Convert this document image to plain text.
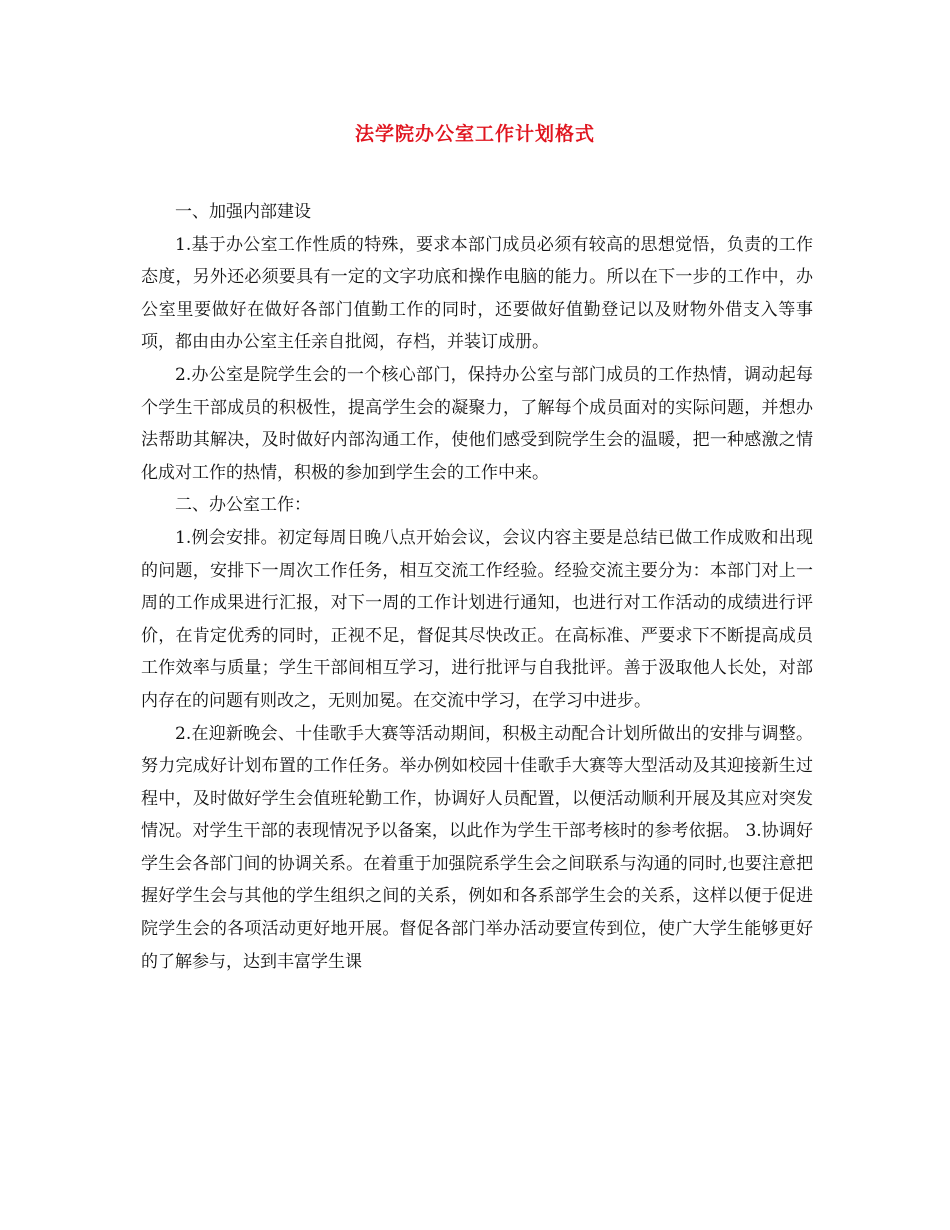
法学院办公室工作计划格式

一、加强内部建设

1.基于办公室工作性质的特殊，要求本部门成员必须有较高的思想觉悟，负责的工作态度，另外还必须要具有一定的文字功底和操作电脑的能力。所以在下一步的工作中，办公室里要做好在做好各部门值勤工作的同时，还要做好值勤登记以及财物外借支入等事项，都由由办公室主任亲自批阅，存档，并装订成册。

2.办公室是院学生会的一个核心部门，保持办公室与部门成员的工作热情，调动起每个学生干部成员的积极性，提高学生会的凝聚力，了解每个成员面对的实际问题，并想办法帮助其解决，及时做好内部沟通工作，使他们感受到院学生会的温暖，把一种感激之情化成对工作的热情，积极的参加到学生会的工作中来。

二、办公室工作：

1.例会安排。初定每周日晚八点开始会议，会议内容主要是总结已做工作成败和出现的问题，安排下一周次工作任务，相互交流工作经验。经验交流主要分为：本部门对上一周的工作成果进行汇报，对下一周的工作计划进行通知，也进行对工作活动的成绩进行评价，在肯定优秀的同时，正视不足，督促其尽快改正。在高标准、严要求下不断提高成员工作效率与质量；学生干部间相互学习，进行批评与自我批评。善于汲取他人长处，对部内存在的问题有则改之，无则加冕。在交流中学习，在学习中进步。

2.在迎新晚会、十佳歌手大赛等活动期间，积极主动配合计划所做出的安排与调整。努力完成好计划布置的工作任务。举办例如校园十佳歌手大赛等大型活动及其迎接新生过程中，及时做好学生会值班轮勤工作，协调好人员配置，以便活动顺利开展及其应对突发情况。对学生干部的表现情况予以备案，以此作为学生干部考核时的参考依据。 3.协调好学生会各部门间的协调关系。在着重于加强院系学生会之间联系与沟通的同时,也要注意把握好学生会与其他的学生组织之间的关系，例如和各系部学生会的关系，这样以便于促进院学生会的各项活动更好地开展。督促各部门举办活动要宣传到位，使广大学生能够更好的了解参与，达到丰富学生课
